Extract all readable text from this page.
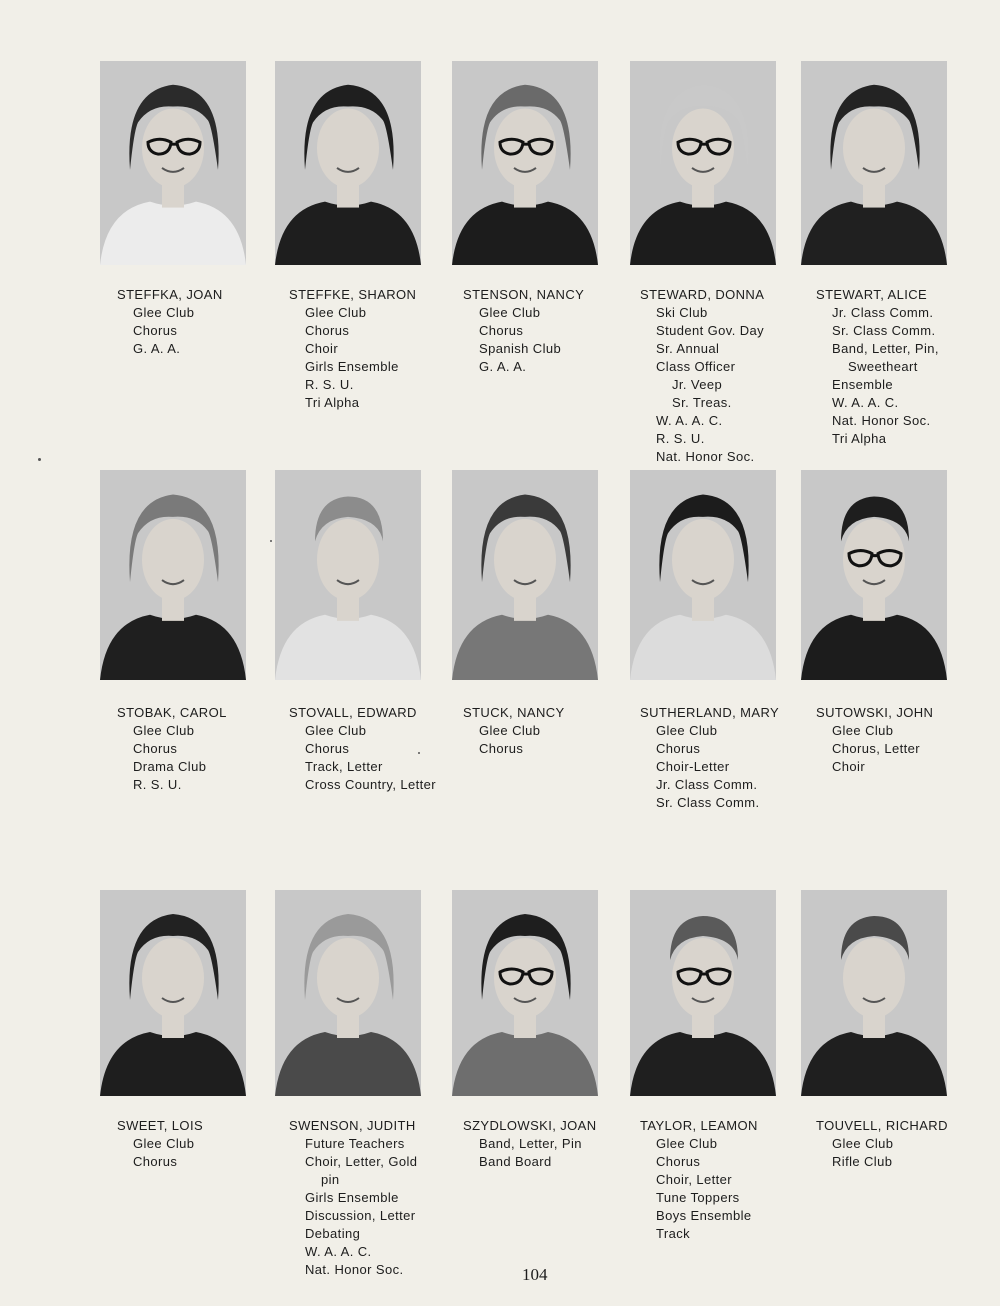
STEFFKA, JOAN
Glee Club
Chorus
G. A. A.
STEFFKE, SHARON
Glee Club
Chorus
Choir
Girls Ensemble
R. S. U.
Tri Alpha
STENSON, NANCY
Glee Club
Chorus
Spanish Club
G. A. A.
STEWARD, DONNA
Ski Club
Student Gov. Day
Sr. Annual
Class Officer
Jr. Veep
Sr. Treas.
W. A. A. C.
R. S. U.
Nat. Honor Soc.
STEWART, ALICE
Jr. Class Comm.
Sr. Class Comm.
Band, Letter, Pin,
Sweetheart
Ensemble
W. A. A. C.
Nat. Honor Soc.
Tri Alpha
STOBAK, CAROL
Glee Club
Chorus
Drama Club
R. S. U.
STOVALL, EDWARD
Glee Club
Chorus
Track, Letter
Cross Country, Letter
STUCK, NANCY
Glee Club
Chorus
SUTHERLAND, MARY
Glee Club
Chorus
Choir-Letter
Jr. Class Comm.
Sr. Class Comm.
SUTOWSKI, JOHN
Glee Club
Chorus, Letter
Choir
SWEET, LOIS
Glee Club
Chorus
SWENSON, JUDITH
Future Teachers
Choir, Letter, Gold
pin
Girls Ensemble
Discussion, Letter
Debating
W. A. A. C.
Nat. Honor Soc.
SZYDLOWSKI, JOAN
Band, Letter, Pin
Band Board
TAYLOR, LEAMON
Glee Club
Chorus
Choir, Letter
Tune Toppers
Boys Ensemble
Track
TOUVELL, RICHARD
Glee Club
Rifle Club
104
